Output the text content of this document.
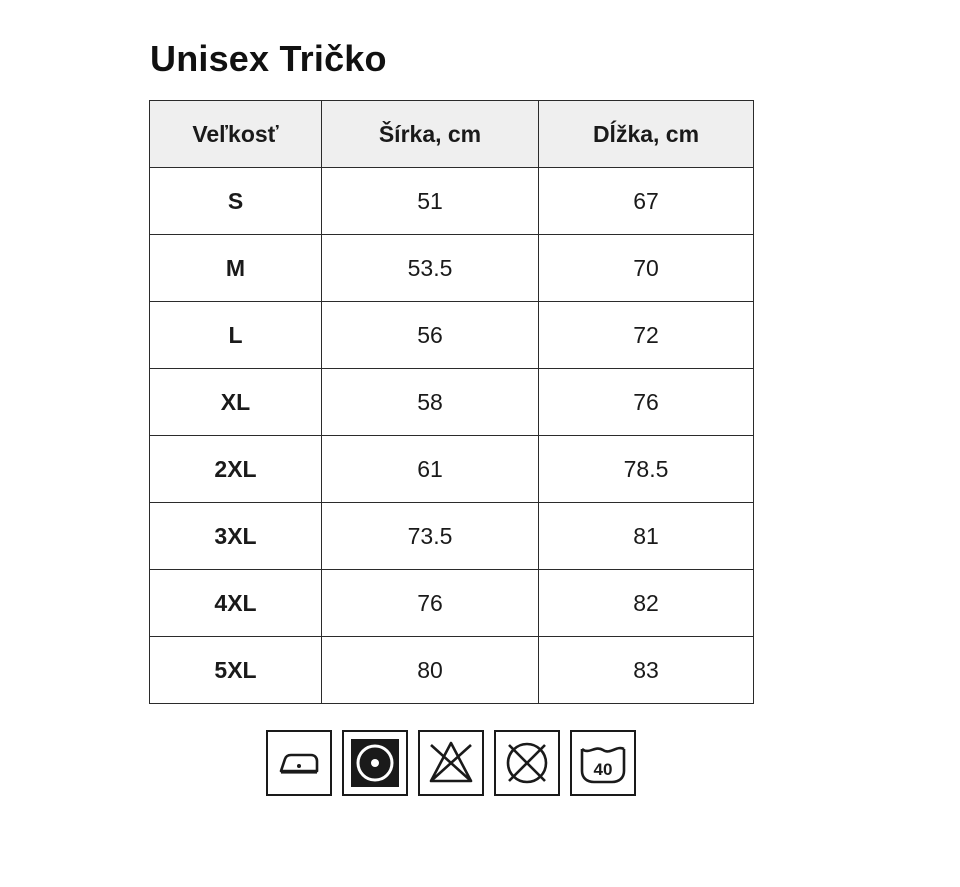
Unisex Tričko
Veľkosť	Šírka, cm	Dĺžka, cm
S	51	67
M	53.5	70
L	56	72
XL	58	76
2XL	61	78.5
3XL	73.5	81
4XL	76	82
5XL	80	83
40
